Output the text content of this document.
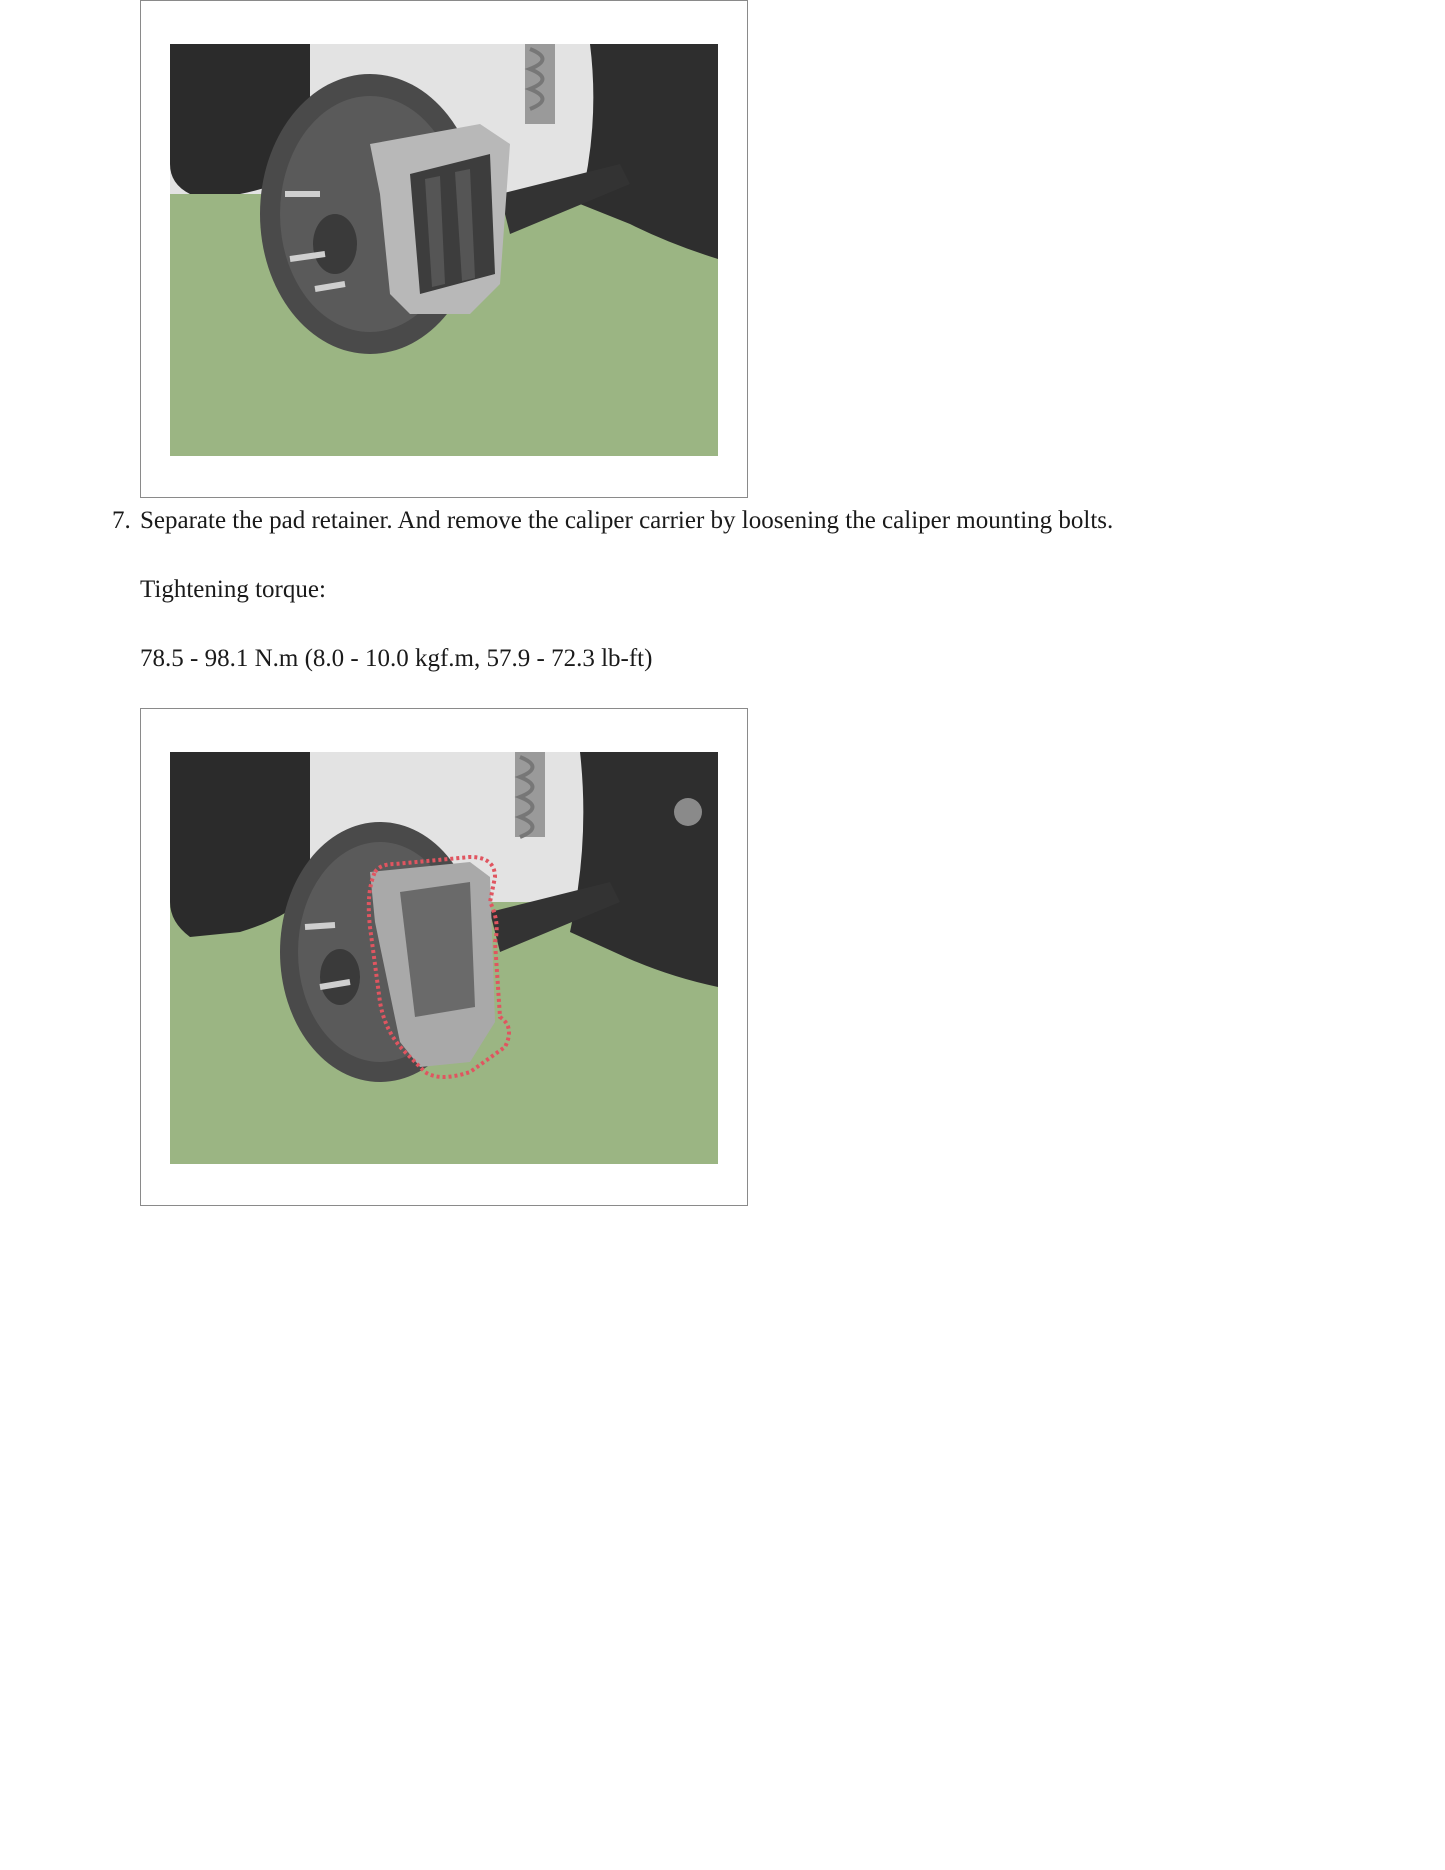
7. Separate the pad retainer. And remove the caliper carrier by loosening the caliper mounting bolts.
Tightening torque:
78.5 - 98.1 N.m (8.0 - 10.0 kgf.m, 57.9 - 72.3 lb-ft)
